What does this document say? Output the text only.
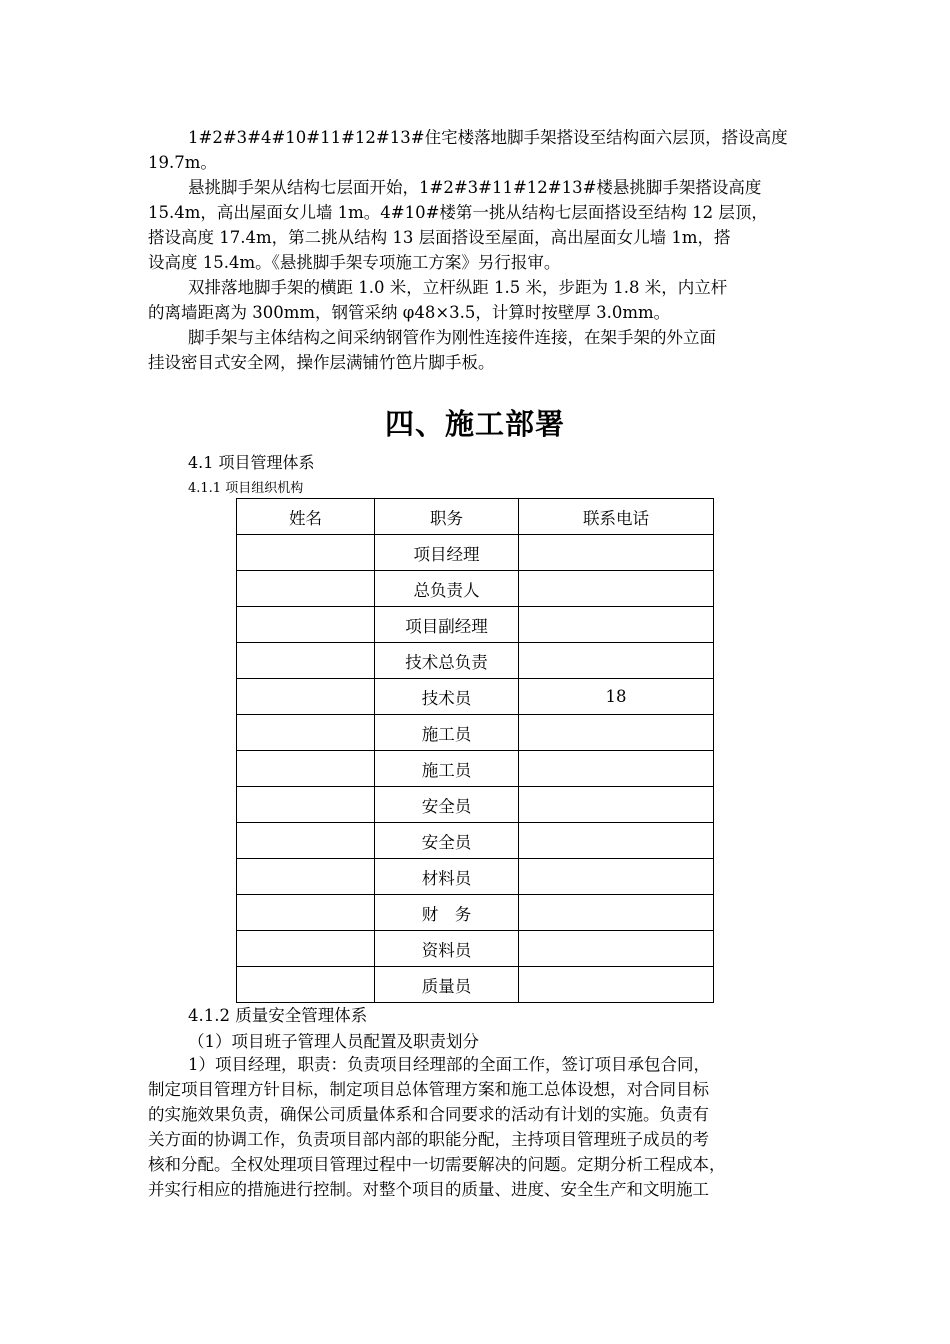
1#2#3#4#10#11#12#13#住宅楼落地脚手架搭设至结构面六层顶，搭设高度
19.7m。

悬挑脚手架从结构七层面开始，1#2#3#11#12#13#楼悬挑脚手架搭设高度
15.4m，高出屋面女儿墙 1m。4#10#楼第一挑从结构七层面搭设至结构 12 层顶，
搭设高度 17.4m，第二挑从结构 13 层面搭设至屋面，高出屋面女儿墙 1m，搭
设高度 15.4m。《悬挑脚手架专项施工方案》另行报审。

双排落地脚手架的横距 1.0 米，立杆纵距 1.5 米，步距为 1.8 米，内立杆
的离墙距离为 300mm，钢管采纳 φ48×3.5，计算时按壁厚 3.0mm。

脚手架与主体结构之间采纳钢管作为刚性连接件连接，在架手架的外立面
挂设密目式安全网，操作层满铺竹笆片脚手板。

四、施工部署
4.1 项目管理体系
4.1.1 项目组织机构
姓名	职务	联系电话
	项目经理	
	总负责人	
	项目副经理	
	技术总负责	
	技术员	18
	施工员	
	施工员	
	安全员	
	安全员	
	材料员	
	财　务	
	资料员	
	质量员	
4.1.2 质量安全管理体系
（1）项目班子管理人员配置及职责划分

1）项目经理，职责：负责项目经理部的全面工作，签订项目承包合同，
制定项目管理方针目标，制定项目总体管理方案和施工总体设想，对合同目标
的实施效果负责，确保公司质量体系和合同要求的活动有计划的实施。负责有
关方面的协调工作，负责项目部内部的职能分配，主持项目管理班子成员的考
核和分配。全权处理项目管理过程中一切需要解决的问题。定期分析工程成本，
并实行相应的措施进行控制。对整个项目的质量、进度、安全生产和文明施工
